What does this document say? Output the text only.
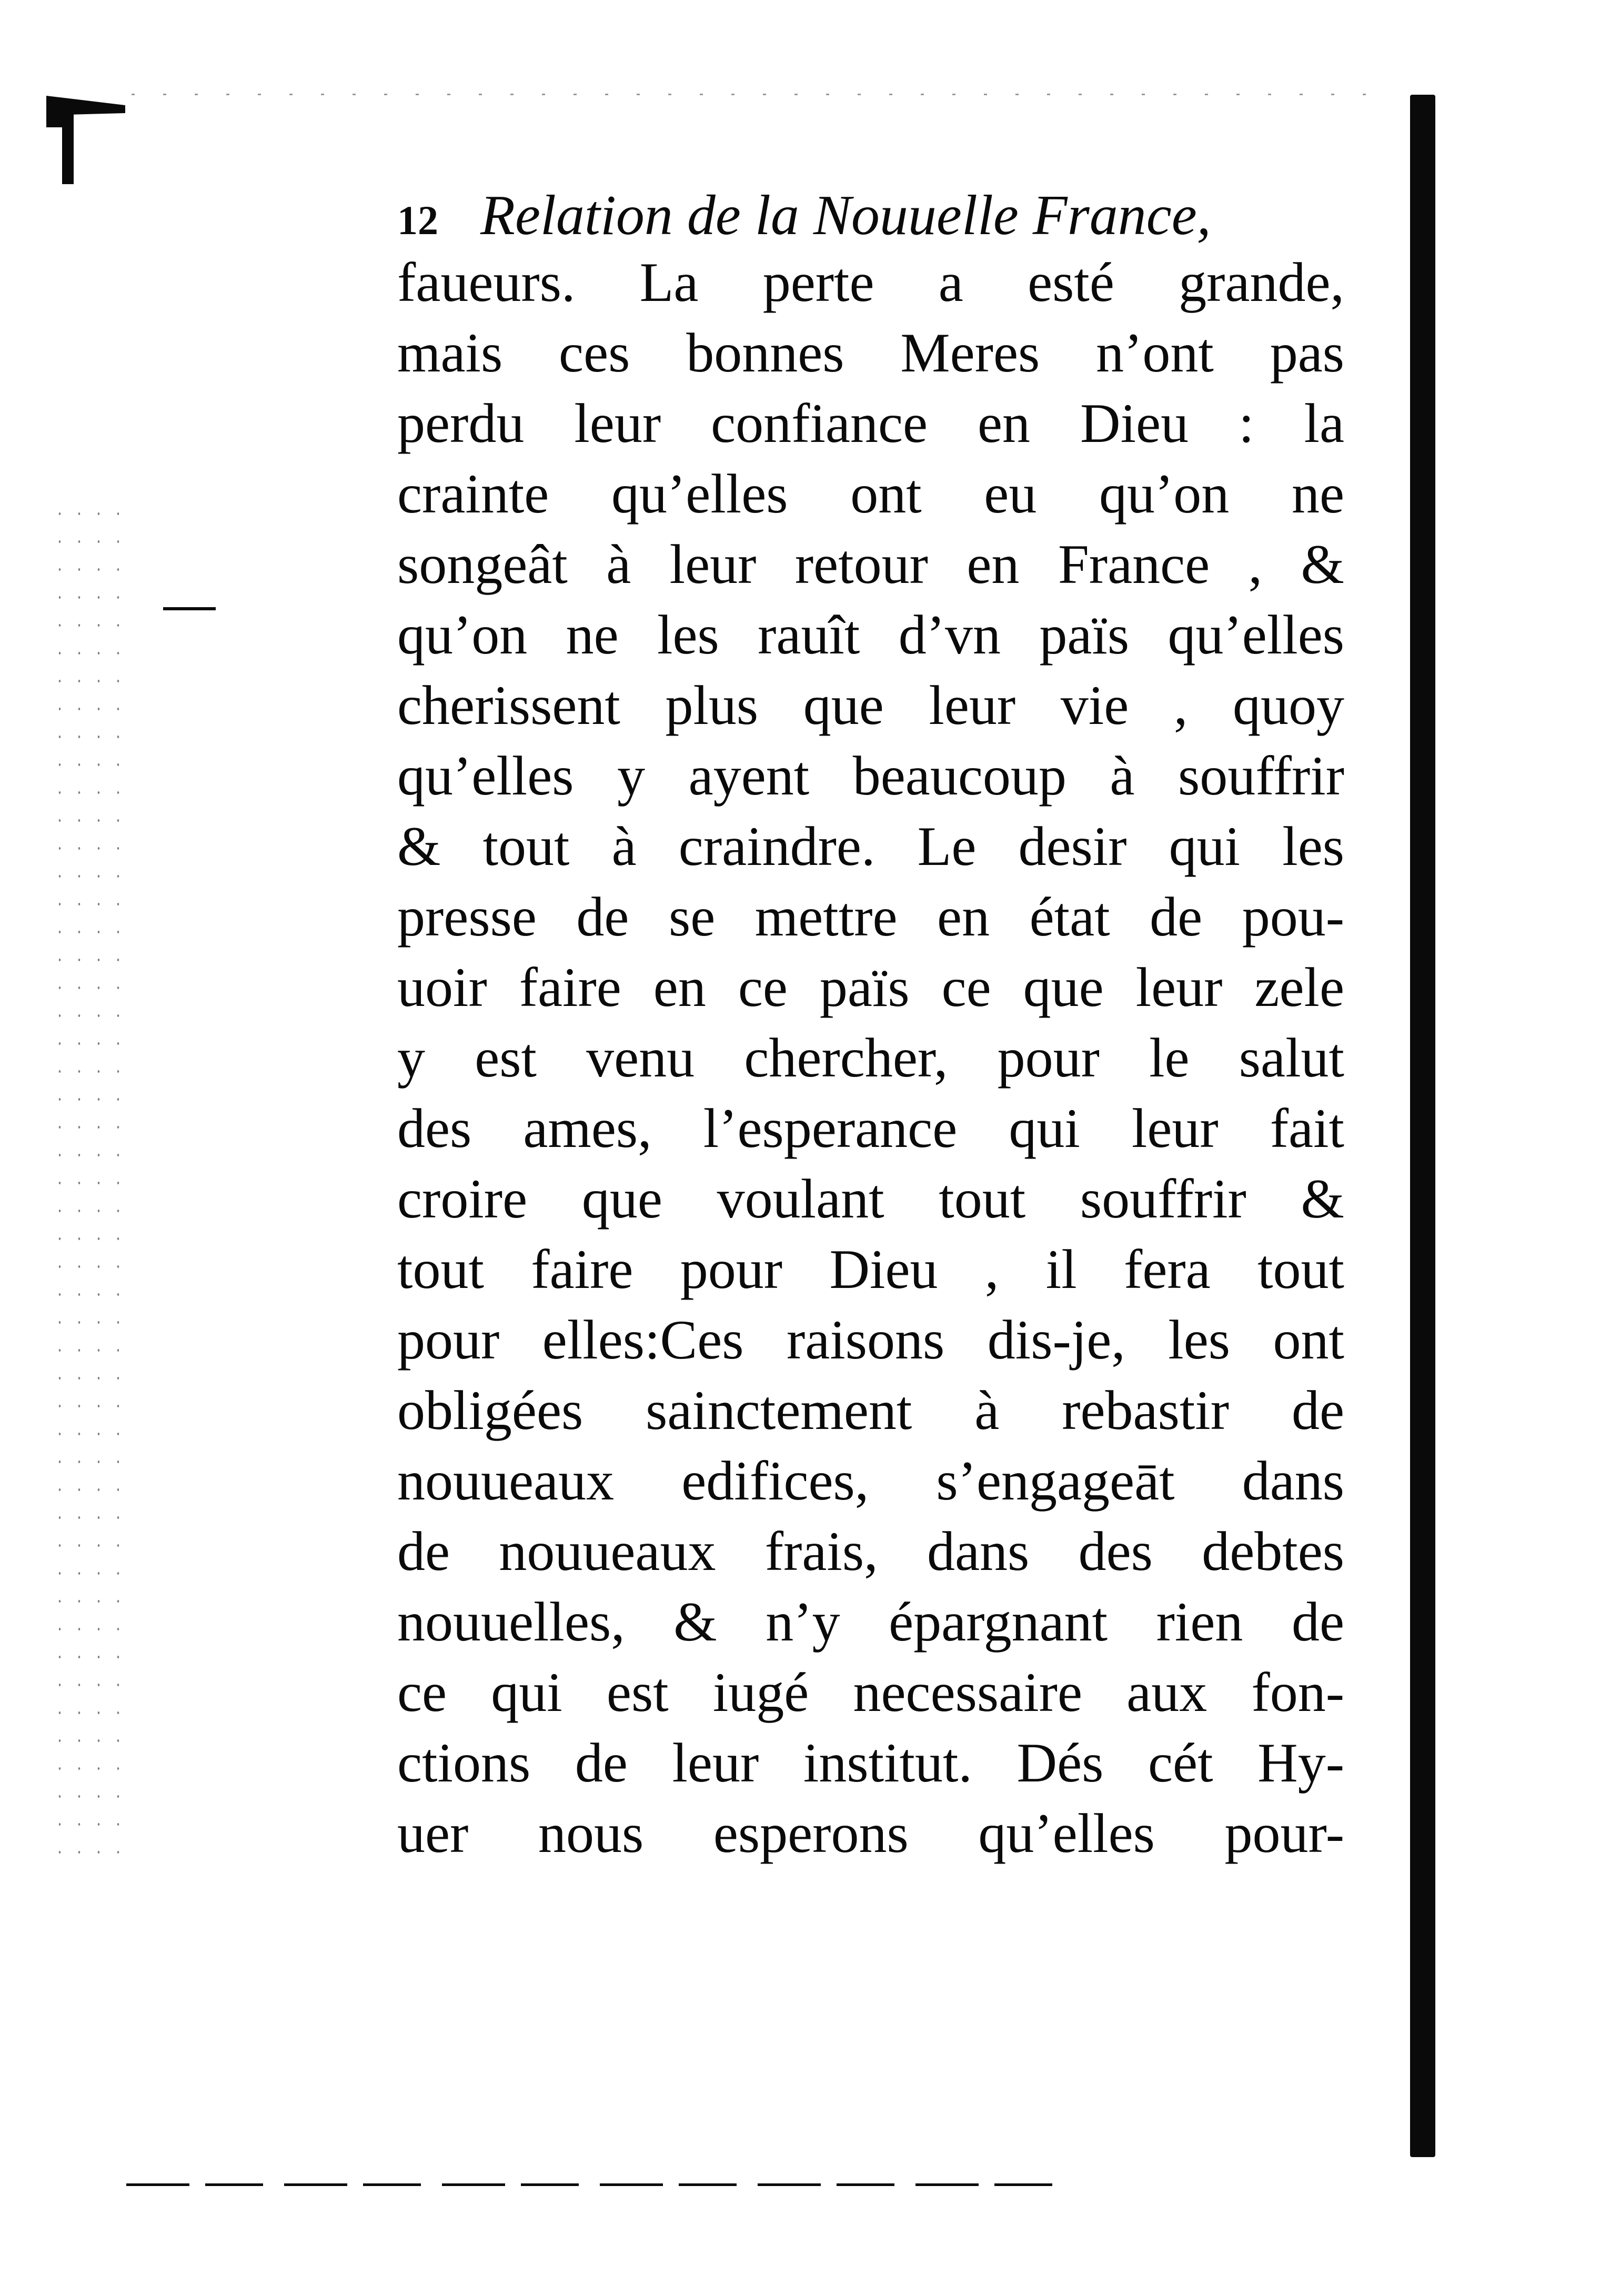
12 Relation de la Nouuelle France,
faueurs. La perte a esté grande,
mais ces bonnes Meres n’ont pas
perdu leur confiance en Dieu : la
crainte qu’elles ont eu qu’on ne
songeât à leur retour en France , &
qu’on ne les rauît d’vn païs qu’elles
cherissent plus que leur vie , quoy
qu’elles y ayent beaucoup à souffrir
& tout à craindre. Le desir qui les
presse de se mettre en état de pou-
uoir faire en ce païs ce que leur zele
y est venu chercher, pour le salut
des ames, l’esperance qui leur fait
croire que voulant tout souffrir &
tout faire pour Dieu , il fera tout
pour elles:Ces raisons dis-je, les ont
obligées sainctement à rebastir de
nouueaux edifices, s’engageāt dans
de nouueaux frais, dans des debtes
nouuelles, & n’y épargnant rien de
ce qui est iugé necessaire aux fon-
ctions de leur institut. Dés cét Hy-
uer nous esperons qu’elles pour-
